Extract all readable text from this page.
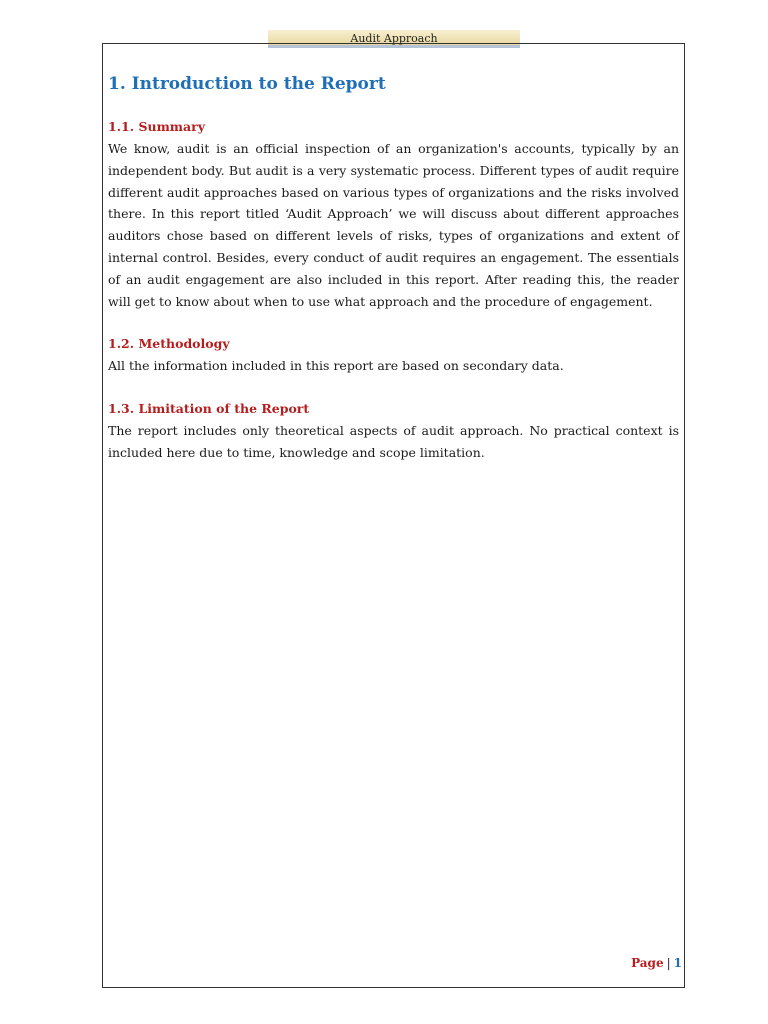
Audit Approach
1. Introduction to the Report
1.1. Summary

We know, audit is an official inspection of an organization's accounts, typically by an independent body. But audit is a very systematic process. Different types of audit require different audit approaches based on various types of organizations and the risks involved there. In this report titled ‘Audit Approach’ we will discuss about different approaches auditors chose based on different levels of risks, types of organizations and extent of internal control. Besides, every conduct of audit requires an engagement. The essentials of an audit engagement are also included in this report. After reading this, the reader will get to know about when to use what approach and the procedure of engagement.

1.2. Methodology

All the information included in this report are based on secondary data.

1.3. Limitation of the Report

The report includes only theoretical aspects of audit approach. No practical context is included here due to time, knowledge and scope limitation.

Page | 1
